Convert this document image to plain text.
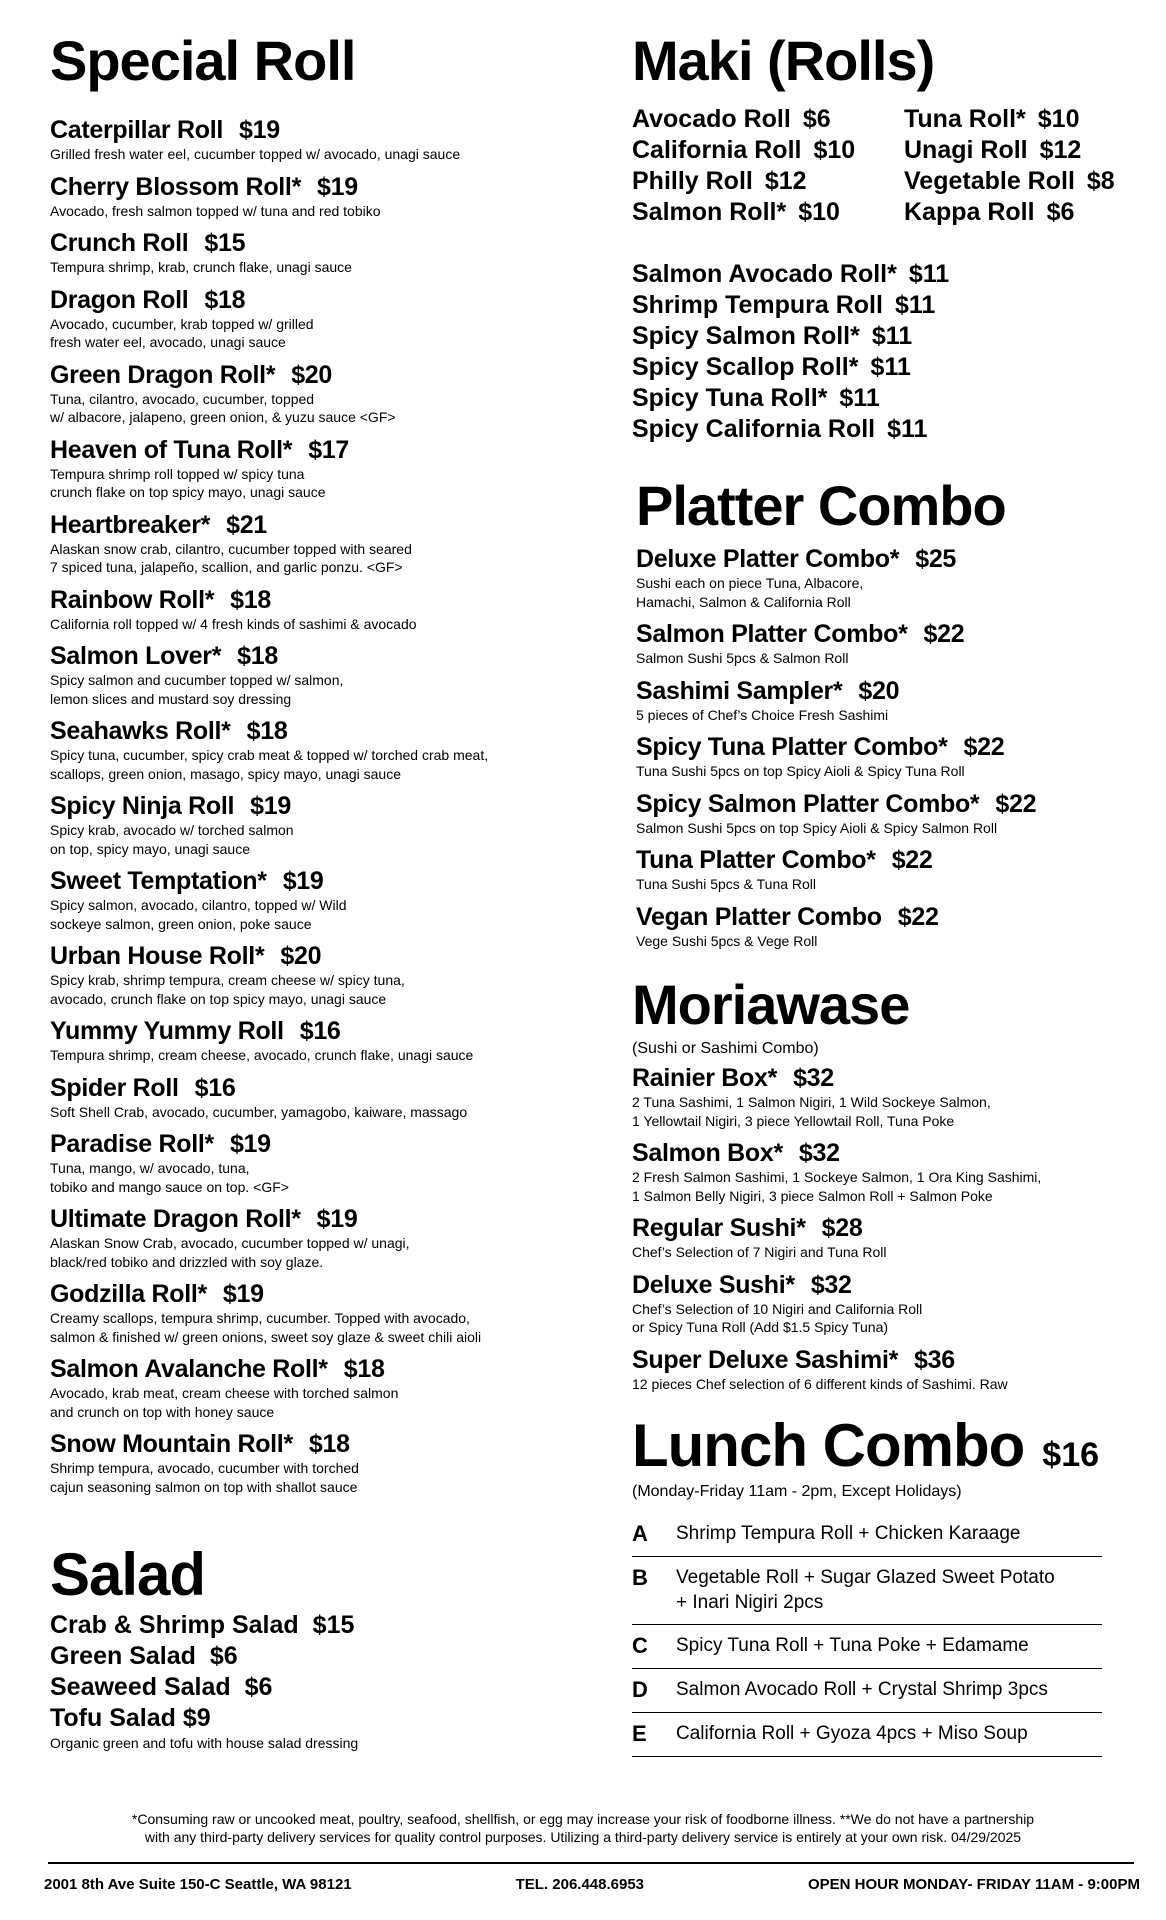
Special Roll
Caterpillar Roll $19
Grilled fresh water eel, cucumber topped w/ avocado, unagi sauce
Cherry Blossom Roll* $19
Avocado, fresh salmon topped w/ tuna and red tobiko
Crunch Roll $15
Tempura shrimp, krab, crunch flake, unagi sauce
Dragon Roll $18
Avocado, cucumber, krab topped w/ grilled
fresh water eel, avocado, unagi sauce
Green Dragon Roll* $20
Tuna, cilantro, avocado, cucumber, topped
w/ albacore, jalapeno, green onion, & yuzu sauce <GF>
Heaven of Tuna Roll* $17
Tempura shrimp roll topped w/ spicy tuna
crunch flake on top spicy mayo, unagi sauce
Heartbreaker* $21
Alaskan snow crab, cilantro, cucumber topped with seared
7 spiced tuna, jalapeño, scallion, and garlic ponzu. <GF>
Rainbow Roll* $18
California roll topped w/ 4 fresh kinds of sashimi & avocado
Salmon Lover* $18
Spicy salmon and cucumber topped w/ salmon,
lemon slices and mustard soy dressing
Seahawks Roll* $18
Spicy tuna, cucumber, spicy crab meat & topped w/ torched crab meat,
scallops, green onion, masago, spicy mayo, unagi sauce
Spicy Ninja Roll $19
Spicy krab, avocado w/ torched salmon
on top, spicy mayo, unagi sauce
Sweet Temptation* $19
Spicy salmon, avocado, cilantro, topped w/ Wild
sockeye salmon, green onion, poke sauce
Urban House Roll* $20
Spicy krab, shrimp tempura, cream cheese w/ spicy tuna,
avocado, crunch flake on top spicy mayo, unagi sauce
Yummy Yummy Roll $16
Tempura shrimp, cream cheese, avocado, crunch flake, unagi sauce
Spider Roll $16
Soft Shell Crab, avocado, cucumber, yamagobo, kaiware, massago
Paradise Roll* $19
Tuna, mango, w/ avocado, tuna,
tobiko and mango sauce on top. <GF>
Ultimate Dragon Roll* $19
Alaskan Snow Crab, avocado, cucumber topped w/ unagi,
black/red tobiko and drizzled with soy glaze.
Godzilla Roll* $19
Creamy scallops, tempura shrimp, cucumber. Topped with avocado,
salmon & finished w/ green onions, sweet soy glaze & sweet chili aioli
Salmon Avalanche Roll* $18
Avocado, krab meat, cream cheese with torched salmon
and crunch on top with honey sauce
Snow Mountain Roll* $18
Shrimp tempura, avocado, cucumber with torched
cajun seasoning salmon on top with shallot sauce
Salad
Crab & Shrimp Salad $15
Green Salad $6
Seaweed Salad $6
Tofu Salad $9
Organic green and tofu with house salad dressing
Maki (Rolls)
Avocado Roll $6	Tuna Roll* $10
California Roll $10	Unagi Roll $12
Philly Roll $12	Vegetable Roll $8
Salmon Roll* $10	Kappa Roll $6
Salmon Avocado Roll* $11
Shrimp Tempura Roll $11
Spicy Salmon Roll* $11
Spicy Scallop Roll* $11
Spicy Tuna Roll* $11
Spicy California Roll $11
Platter Combo
Deluxe Platter Combo* $25
Sushi each on piece Tuna, Albacore,
Hamachi, Salmon & California Roll
Salmon Platter Combo* $22
Salmon Sushi 5pcs & Salmon Roll
Sashimi Sampler* $20
5 pieces of Chef’s Choice Fresh Sashimi
Spicy Tuna Platter Combo* $22
Tuna Sushi 5pcs on top Spicy Aioli & Spicy Tuna Roll
Spicy Salmon Platter Combo* $22
Salmon Sushi 5pcs on top Spicy Aioli & Spicy Salmon Roll
Tuna Platter Combo* $22
Tuna Sushi 5pcs & Tuna Roll
Vegan Platter Combo $22
Vege Sushi 5pcs & Vege Roll
Moriawase
(Sushi or Sashimi Combo)
Rainier Box* $32
2 Tuna Sashimi, 1 Salmon Nigiri, 1 Wild Sockeye Salmon,
1 Yellowtail Nigiri, 3 piece Yellowtail Roll, Tuna Poke
Salmon Box* $32
2 Fresh Salmon Sashimi, 1 Sockeye Salmon, 1 Ora King Sashimi,
1 Salmon Belly Nigiri, 3 piece Salmon Roll + Salmon Poke
Regular Sushi* $28
Chef’s Selection of 7 Nigiri and Tuna Roll
Deluxe Sushi* $32
Chef’s Selection of 10 Nigiri and California Roll
or Spicy Tuna Roll (Add $1.5 Spicy Tuna)
Super Deluxe Sashimi* $36
12 pieces Chef selection of 6 different kinds of Sashimi. Raw
Lunch Combo $16
(Monday-Friday 11am - 2pm, Except Holidays)
A	Shrimp Tempura Roll + Chicken Karaage
B	Vegetable Roll + Sugar Glazed Sweet Potato
+ Inari Nigiri 2pcs
C	Spicy Tuna Roll + Tuna Poke + Edamame
D	Salmon Avocado Roll + Crystal Shrimp 3pcs
E	California Roll + Gyoza 4pcs + Miso Soup
*Consuming raw or uncooked meat, poultry, seafood, shellfish, or egg may increase your risk of foodborne illness. **We do not have a partnership
with any third-party delivery services for quality control purposes. Utilizing a third-party delivery service is entirely at your own risk. 04/29/2025
2001 8th Ave Suite 150-C Seattle, WA 98121	TEL. 206.448.6953	OPEN HOUR MONDAY- FRIDAY 11AM - 9:00PM
